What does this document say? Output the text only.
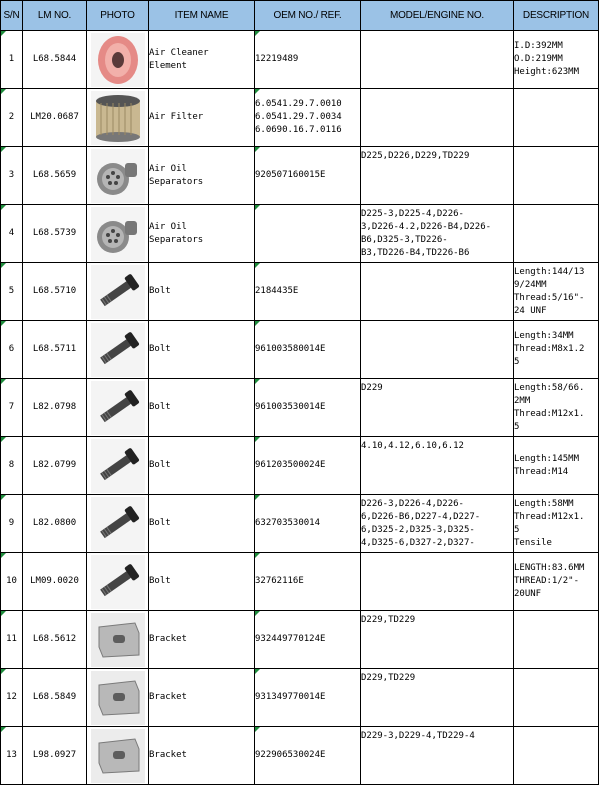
S/N	LM NO.	PHOTO	ITEM NAME	OEM NO./ REF.	MODEL/ENGINE NO.	DESCRIPTION
1	L68.5844		Air Cleaner
Element	12219489		I.D:392MM
O.D:219MM
Height:623MM

2	LM20.0687		Air Filter	6.0541.29.7.0010
6.0541.29.7.0034
6.0690.16.7.0116	

3	L68.5659		Air Oil
Separators	920507160015E	D225,D226,D229,TD229	

4	L68.5739		Air Oil
Separators		D225-3,D225-4,D226-
3,D226-4.2,D226-B4,D226-
B6,D325-3,TD226-
B3,TD226-B4,TD226-B6	

5	L68.5710		Bolt	2184435E		Length:144/13
9/24MM
Thread:5/16"-
24 UNF

6	L68.5711		Bolt	961003580014E		Length:34MM
Thread:M8x1.2
5

7	L82.0798		Bolt	961003530014E	D229	Length:58/66.
2MM
Thread:M12x1.
5

8	L82.0799		Bolt	961203500024E	4.10,4.12,6.10,6.12	Length:145MM
Thread:M14

9	L82.0800		Bolt	632703530014	D226-3,D226-4,D226-
6,D226-B6,D227-4,D227-
6,D325-2,D325-3,D325-
4,D325-6,D327-2,D327-	Length:58MM
Thread:M12x1.
5
Tensile

10	LM09.0020		Bolt	32762116E		LENGTH:83.6MM
THREAD:1/2"-
20UNF

11	L68.5612		Bracket	932449770124E	D229,TD229	

12	L68.5849		Bracket	931349770014E	D229,TD229	

13	L98.0927		Bracket	922906530024E	D229-3,D229-4,TD229-4	
